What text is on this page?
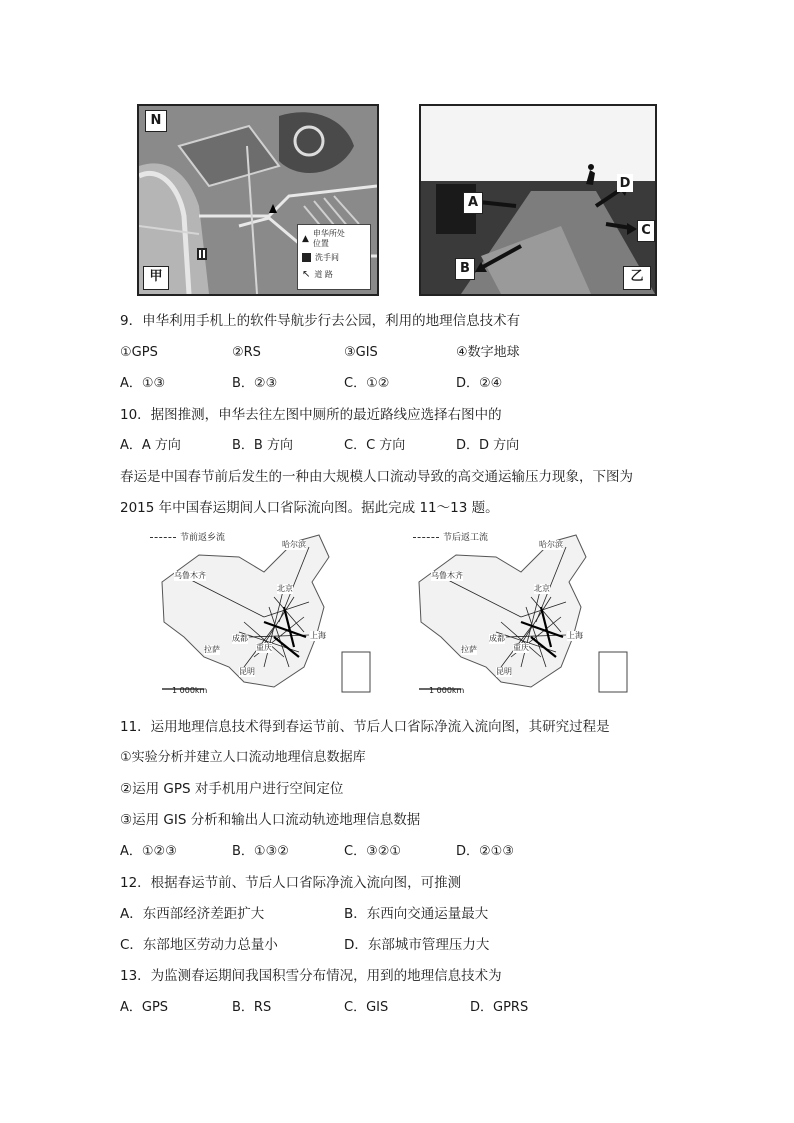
N
甲
▲
申华所处位置
洗手间
↖ 道 路
A
B
C
D
乙
9．申华利用手机上的软件导航步行去公园，利用的地理信息技术有
①GPS	②RS	③GIS	④数字地球
A．①③	B．②③	C．①②	D．②④
10．据图推测，申华去往左图中厕所的最近路线应选择右图中的
A．A 方向	B．B 方向	C．C 方向	D．D 方向
春运是中国春节前后发生的一种由大规模人口流动导致的高交通运输压力现象，下图为
2015 年中国春运期间人口省际流向图。据此完成 11～13 题。
节前返乡流
哈尔滨
乌鲁木齐
北京
上海
成都
拉萨	重庆
昆明
1 000km
节后返工流
哈尔滨
乌鲁木齐
北京
上海
成都
拉萨	重庆
昆明
1 000km
11．运用地理信息技术得到春运节前、节后人口省际净流入流向图，其研究过程是
①实验分析并建立人口流动地理信息数据库
②运用 GPS 对手机用户进行空间定位
③运用 GIS 分析和输出人口流动轨迹地理信息数据
A．①②③	B．①③②	C．③②①	D．②①③
12．根据春运节前、节后人口省际净流入流向图，可推测
A．东西部经济差距扩大	B．东西向交通运量最大
C．东部地区劳动力总量小	D．东部城市管理压力大
13．为监测春运期间我国积雪分布情况，用到的地理信息技术为
A．GPS	B．RS	C．GIS	D．GPRS
